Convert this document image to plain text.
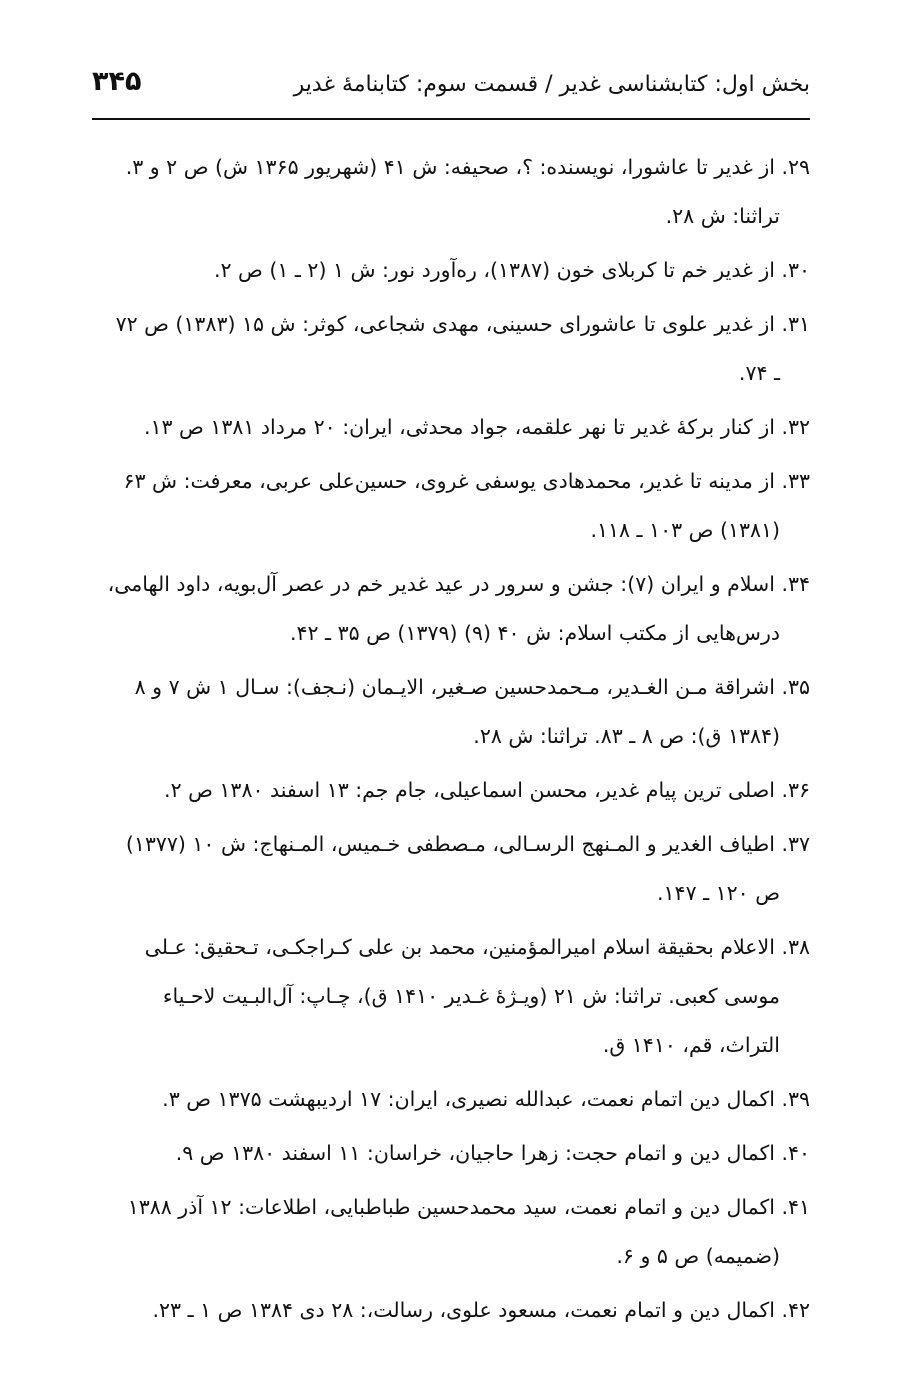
بخش اول: کتابشناسی غدیر / قسمت سوم: کتابنامهٔ غدیر
۳۴۵
۲۹. از غدیر تا عاشورا، نویسنده: ؟، صحیفه: ش ۴۱ (شهریور ۱۳۶۵ ش) ص ۲ و ۳.
تراثنا: ش ۲۸.
۳۰. از غدیر خم تا کربلای خون (۱۳۸۷)، ره‌آورد نور: ش ۱ (۲ ـ ۱) ص ۲.
۳۱. از غدیر علوی تا عاشورای حسینی، مهدی شجاعی، کوثر: ش ۱۵ (۱۳۸۳) ص ۷۲
ـ ۷۴.
۳۲. از کنار برکهٔ غدیر تا نهر علقمه، جواد محدثی، ایران: ۲۰ مرداد ۱۳۸۱ ص ۱۳.
۳۳. از مدینه تا غدیر، محمدهادی یوسفی غروی، حسین‌علی عربی، معرفت: ش ۶۳
(۱۳۸۱) ص ۱۰۳ ـ ۱۱۸.
۳۴. اسلام و ایران (۷): جشن و سرور در عید غدیر خم در عصر آل‌بویه، داود الهامی،
درس‌هایی از مکتب اسلام: ش ۴۰ (۹) (۱۳۷۹) ص ۳۵ ـ ۴۲.
۳۵. اشراقة مـن الغـدیر، مـحمدحسین صـغیر، الایـمان (نـجف): سـال ۱ ش ۷ و ۸
(۱۳۸۴ ق): ص ۸ ـ ۸۳. تراثنا: ش ۲۸.
۳۶. اصلی ترین پیام غدیر، محسن اسماعیلی، جام جم: ۱۳ اسفند ۱۳۸۰ ص ۲.
۳۷. اطیاف الغدیر و المـنهج الرسـالی، مـصطفی خـمیس، المـنهاج: ش ۱۰ (۱۳۷۷)
ص ۱۲۰ ـ ۱۴۷.
۳۸. الاعلام بحقیقة اسلام امیرالمؤمنین، محمد بن علی کـراجکـی، تـحقیق: عـلی
موسی کعبی. تراثنا: ش ۲۱ (ویـژهٔ غـدیر ۱۴۱۰ ق)، چـاپ: آل‌البـیت لاحـیاء
التراث، قم، ۱۴۱۰ ق.
۳۹. اکمال دین اتمام نعمت، عبدالله نصیری، ایران: ۱۷ اردیبهشت ۱۳۷۵ ص ۳.
۴۰. اکمال دین و اتمام حجت: زهرا حاجیان، خراسان: ۱۱ اسفند ۱۳۸۰ ص ۹.
۴۱. اکمال دین و اتمام نعمت، سید محمدحسین طباطبایی، اطلاعات: ۱۲ آذر ۱۳۸۸
(ضمیمه) ص ۵ و ۶.
۴۲. اکمال دین و اتمام نعمت، مسعود علوی، رسالت،: ۲۸ دی ۱۳۸۴ ص ۱ ـ ۲۳.
